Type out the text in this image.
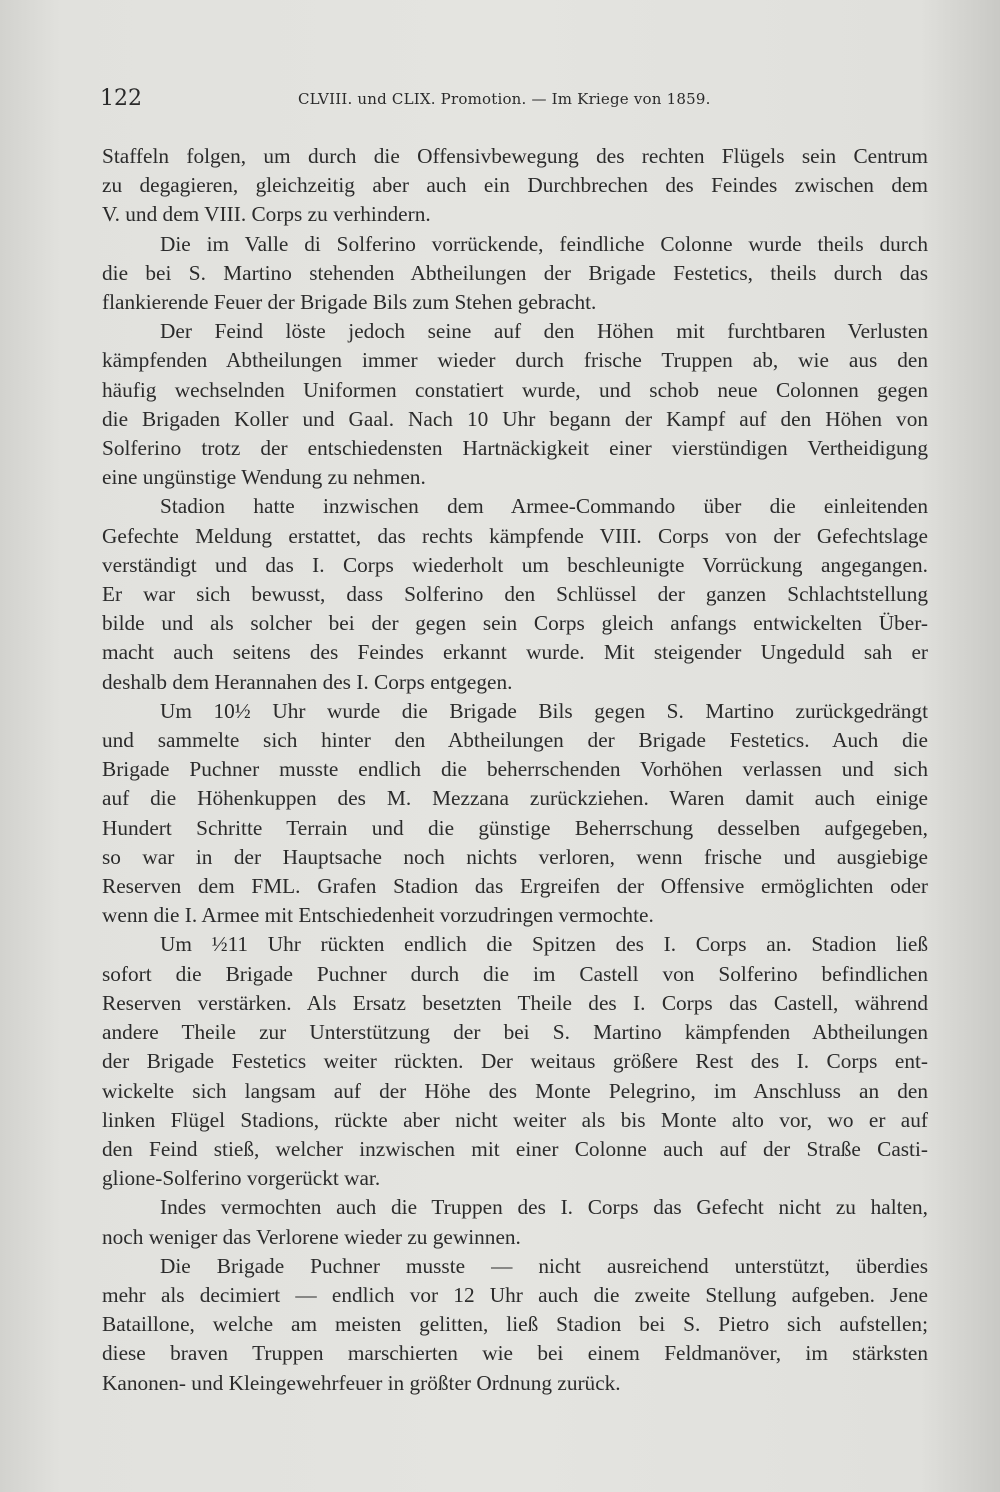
122	CLVIII. und CLIX. Promotion. — Im Kriege von 1859.

Staffeln folgen, um durch die Offensivbewegung des rechten Flügels sein Centrum
zu degagieren, gleichzeitig aber auch ein Durchbrechen des Feindes zwischen dem
V. und dem VIII. Corps zu verhindern.

Die im Valle di Solferino vorrückende, feindliche Colonne wurde theils durch
die bei S. Martino stehenden Abtheilungen der Brigade Festetics, theils durch das
flankierende Feuer der Brigade Bils zum Stehen gebracht.

Der Feind löste jedoch seine auf den Höhen mit furchtbaren Verlusten
kämpfenden Abtheilungen immer wieder durch frische Truppen ab, wie aus den
häufig wechselnden Uniformen constatiert wurde, und schob neue Colonnen gegen
die Brigaden Koller und Gaal. Nach 10 Uhr begann der Kampf auf den Höhen von
Solferino trotz der entschiedensten Hartnäckigkeit einer vierstündigen Vertheidigung
eine ungünstige Wendung zu nehmen.

Stadion hatte inzwischen dem Armee-Commando über die einleitenden
Gefechte Meldung erstattet, das rechts kämpfende VIII. Corps von der Gefechtslage
verständigt und das I. Corps wiederholt um beschleunigte Vorrückung angegangen.
Er war sich bewusst, dass Solferino den Schlüssel der ganzen Schlachtstellung
bilde und als solcher bei der gegen sein Corps gleich anfangs entwickelten Über-
macht auch seitens des Feindes erkannt wurde. Mit steigender Ungeduld sah er
deshalb dem Herannahen des I. Corps entgegen.

Um 10½ Uhr wurde die Brigade Bils gegen S. Martino zurückgedrängt
und sammelte sich hinter den Abtheilungen der Brigade Festetics. Auch die
Brigade Puchner musste endlich die beherrschenden Vorhöhen verlassen und sich
auf die Höhenkuppen des M. Mezzana zurückziehen. Waren damit auch einige
Hundert Schritte Terrain und die günstige Beherrschung desselben aufgegeben,
so war in der Hauptsache noch nichts verloren, wenn frische und ausgiebige
Reserven dem FML. Grafen Stadion das Ergreifen der Offensive ermöglichten oder
wenn die I. Armee mit Entschiedenheit vorzudringen vermochte.

Um ½11 Uhr rückten endlich die Spitzen des I. Corps an. Stadion ließ
sofort die Brigade Puchner durch die im Castell von Solferino befindlichen
Reserven verstärken. Als Ersatz besetzten Theile des I. Corps das Castell, während
andere Theile zur Unterstützung der bei S. Martino kämpfenden Abtheilungen
der Brigade Festetics weiter rückten. Der weitaus größere Rest des I. Corps ent-
wickelte sich langsam auf der Höhe des Monte Pelegrino, im Anschluss an den
linken Flügel Stadions, rückte aber nicht weiter als bis Monte alto vor, wo er auf
den Feind stieß, welcher inzwischen mit einer Colonne auch auf der Straße Casti-
glione-Solferino vorgerückt war.

Indes vermochten auch die Truppen des I. Corps das Gefecht nicht zu halten,
noch weniger das Verlorene wieder zu gewinnen.

Die Brigade Puchner musste — nicht ausreichend unterstützt, überdies
mehr als decimiert — endlich vor 12 Uhr auch die zweite Stellung aufgeben. Jene
Bataillone, welche am meisten gelitten, ließ Stadion bei S. Pietro sich aufstellen;
diese braven Truppen marschierten wie bei einem Feldmanöver, im stärksten
Kanonen- und Kleingewehrfeuer in größter Ordnung zurück.
